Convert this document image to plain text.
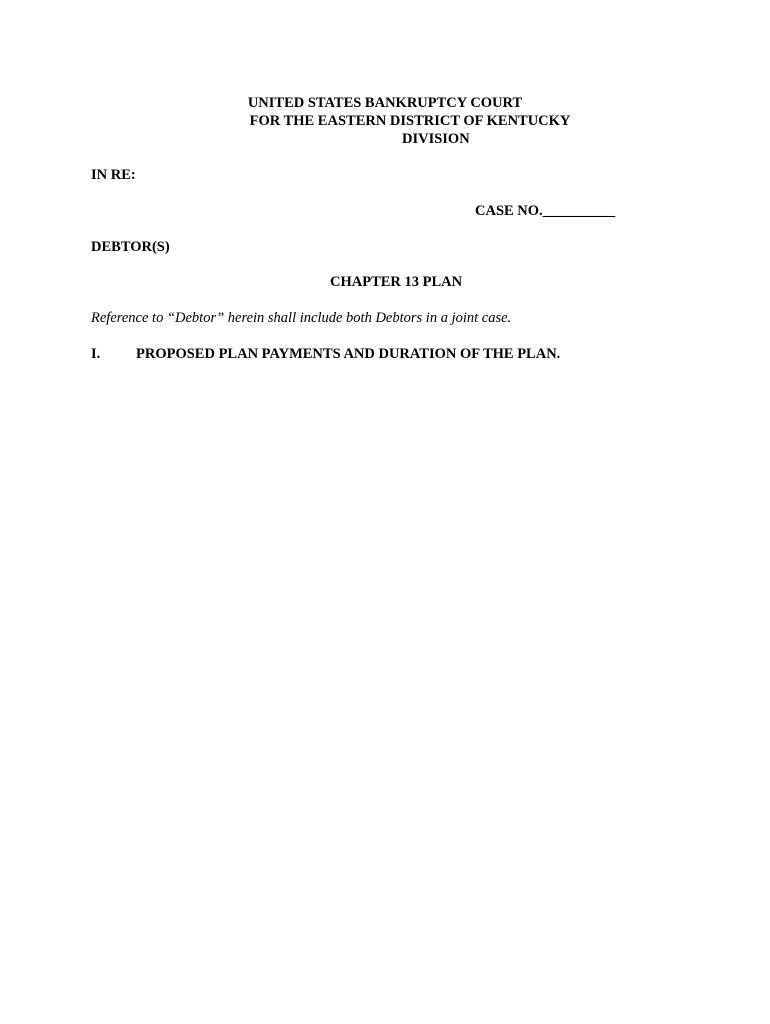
UNITED STATES BANKRUPTCY COURT
FOR THE EASTERN DISTRICT OF KENTUCKY
DIVISION
IN RE:
CASE NO.__________
DEBTOR(S)
CHAPTER 13 PLAN
Reference to “Debtor” herein shall include both Debtors in a joint case.
I. PROPOSED PLAN PAYMENTS AND DURATION OF THE PLAN.
